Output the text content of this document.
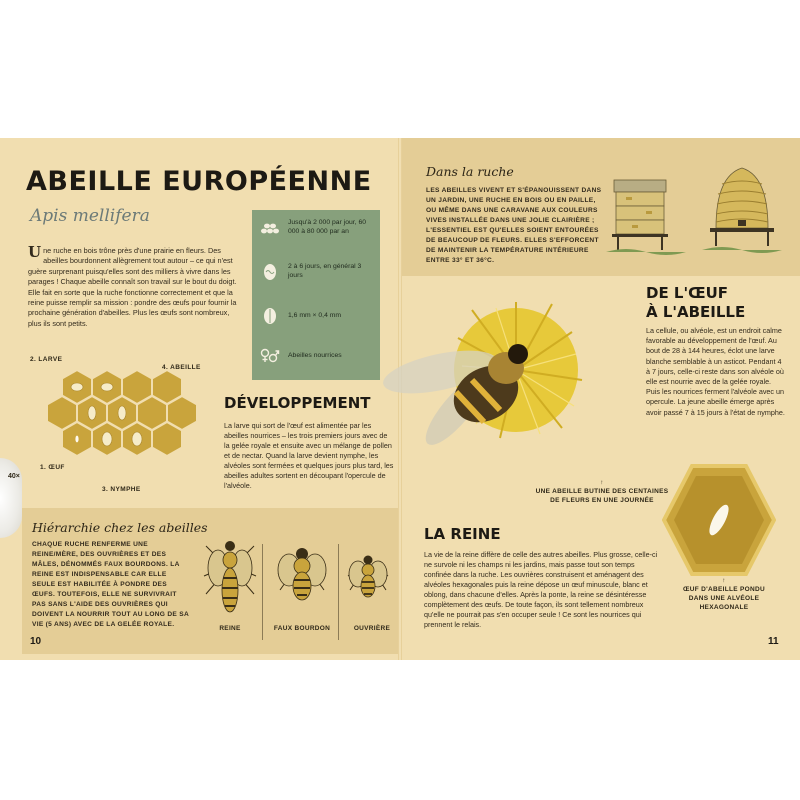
ABEILLE EUROPÉENNE
Apis mellifera
Une ruche en bois trône près d'une prairie en fleurs. Des abeilles bourdonnent allègrement tout autour – ce qui n'est guère surprenant puisqu'elles sont des milliers à vivre dans les parages ! Chaque abeille connaît son travail sur le bout du doigt. Elle fait en sorte que la ruche fonctionne correctement et que la reine puisse remplir sa mission : pondre des œufs pour fournir la prochaine génération d'abeilles. Plus les œufs sont nombreux, plus ils sont petits.
Jusqu'à 2 000 par jour, 60 000 à 80 000 par an
2 à 6 jours, en général 3 jours
1,6 mm × 0,4 mm
Abeilles nourrices
2. LARVE
4. ABEILLE
1. ŒUF
3. NYMPHE
40×
DÉVELOPPEMENT
La larve qui sort de l'œuf est alimentée par les abeilles nourrices – les trois premiers jours avec de la gelée royale et ensuite avec un mélange de pollen et de nectar. Quand la larve devient nymphe, les alvéoles sont fermées et quelques jours plus tard, les abeilles adultes sortent en découpant l'opercule de l'alvéole.
Hiérarchie chez les abeilles
CHAQUE RUCHE RENFERME UNE REINE/MÈRE, DES OUVRIÈRES ET DES MÂLES, DÉNOMMÉS FAUX BOURDONS. LA REINE EST INDISPENSABLE CAR ELLE SEULE EST HABILITÉE À PONDRE DES ŒUFS. TOUTEFOIS, ELLE NE SURVIVRAIT PAS SANS L'AIDE DES OUVRIÈRES QUI DOIVENT LA NOURRIR TOUT AU LONG DE SA VIE (5 ANS) AVEC DE LA GELÉE ROYALE.
REINE	FAUX BOURDON	OUVRIÈRE
10
Dans la ruche
LES ABEILLES VIVENT ET S'ÉPANOUISSENT DANS UN JARDIN, UNE RUCHE EN BOIS OU EN PAILLE, OU MÊME DANS UNE CARAVANE AUX COULEURS VIVES INSTALLÉE DANS UNE JOLIE CLAIRIÈRE ; L'ESSENTIEL EST QU'ELLES SOIENT ENTOURÉES DE BEAUCOUP DE FLEURS. ELLES S'EFFORCENT DE MAINTENIR LA TEMPÉRATURE INTÉRIEURE ENTRE 33° ET 36°C.
↑
UNE ABEILLE BUTINE DES CENTAINES DE FLEURS EN UNE JOURNÉE
DE L'ŒUF
À L'ABEILLE
La cellule, ou alvéole, est un endroit calme favorable au développement de l'œuf. Au bout de 28 à 144 heures, éclot une larve blanche semblable à un asticot. Pendant 4 à 7 jours, celle-ci reste dans son alvéole où elle est nourrie avec de la gelée royale. Puis les nourrices ferment l'alvéole avec un opercule. La jeune abeille émerge après avoir passé 7 à 15 jours à l'état de nymphe.
↑
ŒUF D'ABEILLE PONDU DANS UNE ALVÉOLE HEXAGONALE
LA REINE
La vie de la reine diffère de celle des autres abeilles. Plus grosse, celle-ci ne survole ni les champs ni les jardins, mais passe tout son temps confinée dans la ruche. Les ouvrières construisent et aménagent des alvéoles hexagonales puis la reine dépose un œuf minuscule, blanc et oblong, dans chacune d'elles. Après la ponte, la reine se désintéresse complètement des œufs. De toute façon, ils sont tellement nombreux qu'elle ne pourrait pas s'en occuper seule ! Ce sont les nourrices qui prennent le relais.
11
